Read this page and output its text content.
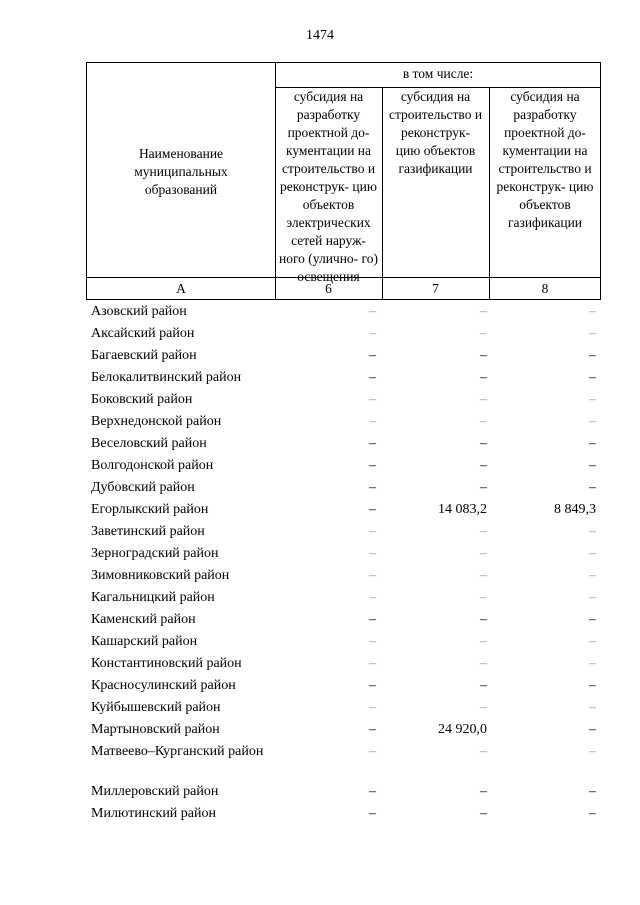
1474
Наименование муниципальных образований
в том числе:
субсидия на разработку проектной до- кументации на строительство и реконструк- цию объектов электрических сетей наруж- ного (улично- го) освещения
субсидия на строительство и реконструк- цию объектов газификации
субсидия на разработку проектной до- кументации на строительство и реконструк- цию объектов газификации
А	6	7	8
Азовский район	–	–	–
Аксайский район	–	–	–
Багаевский район	–	–	–
Белокалитвинский район	–	–	–
Боковский район	–	–	–
Верхнедонской район	–	–	–
Веселовский район	–	–	–
Волгодонской район	–	–	–
Дубовский район	–	–	–
Егорлыкский район	–	14 083,2	8 849,3
Заветинский район	–	–	–
Зерноградский район	–	–	–
Зимовниковский район	–	–	–
Кагальницкий район	–	–	–
Каменский район	–	–	–
Кашарский район	–	–	–
Константиновский район	–	–	–
Красносулинский район	–	–	–
Куйбышевский район	–	–	–
Мартыновский район	–	24 920,0	–
Матвеево–Курганский район	–	–	–
Миллеровский район	–	–	–
Милютинский район	–	–	–
